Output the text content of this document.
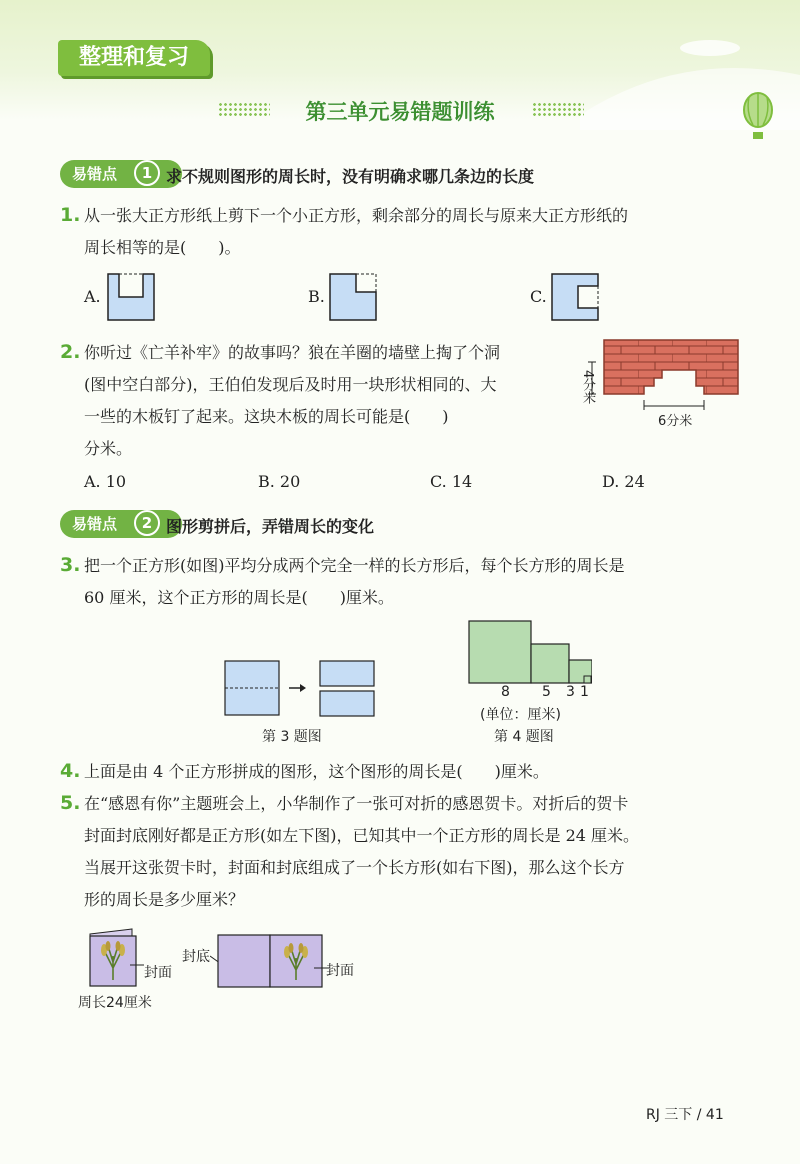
整理和复习
第三单元易错题训练
易错点	1 求不规则图形的周长时，没有明确求哪几条边的长度
1. 从一张大正方形纸上剪下一个小正方形，剩余部分的周长与原来大正方形纸的
周长相等的是(　　)。
A.	B.	C.
2. 你听过《亡羊补牢》的故事吗？狼在羊圈的墙壁上掏了个洞
(图中空白部分)，王伯伯发现后及时用一块形状相同的、大
一些的木板钉了起来。这块木板的周长可能是(　　)
分米。
4分米
6分米
A. 10	B. 20	C. 14	D. 24
易错点	2 图形剪拼后，弄错周长的变化
3. 把一个正方形(如图)平均分成两个完全一样的长方形后，每个长方形的周长是
60 厘米，这个正方形的周长是(　　)厘米。
第 3 题图
8 5 3 1
(单位：厘米)
第 4 题图
4. 上面是由 4 个正方形拼成的图形，这个图形的周长是(　　)厘米。
5. 在“感恩有你”主题班会上，小华制作了一张可对折的感恩贺卡。对折后的贺卡
封面封底刚好都是正方形(如左下图)，已知其中一个正方形的周长是 24 厘米。
当展开这张贺卡时，封面和封底组成了一个长方形(如右下图)，那么这个长方
形的周长是多少厘米？
封面
周长24厘米
封底
封面
RJ 三下 / 41
